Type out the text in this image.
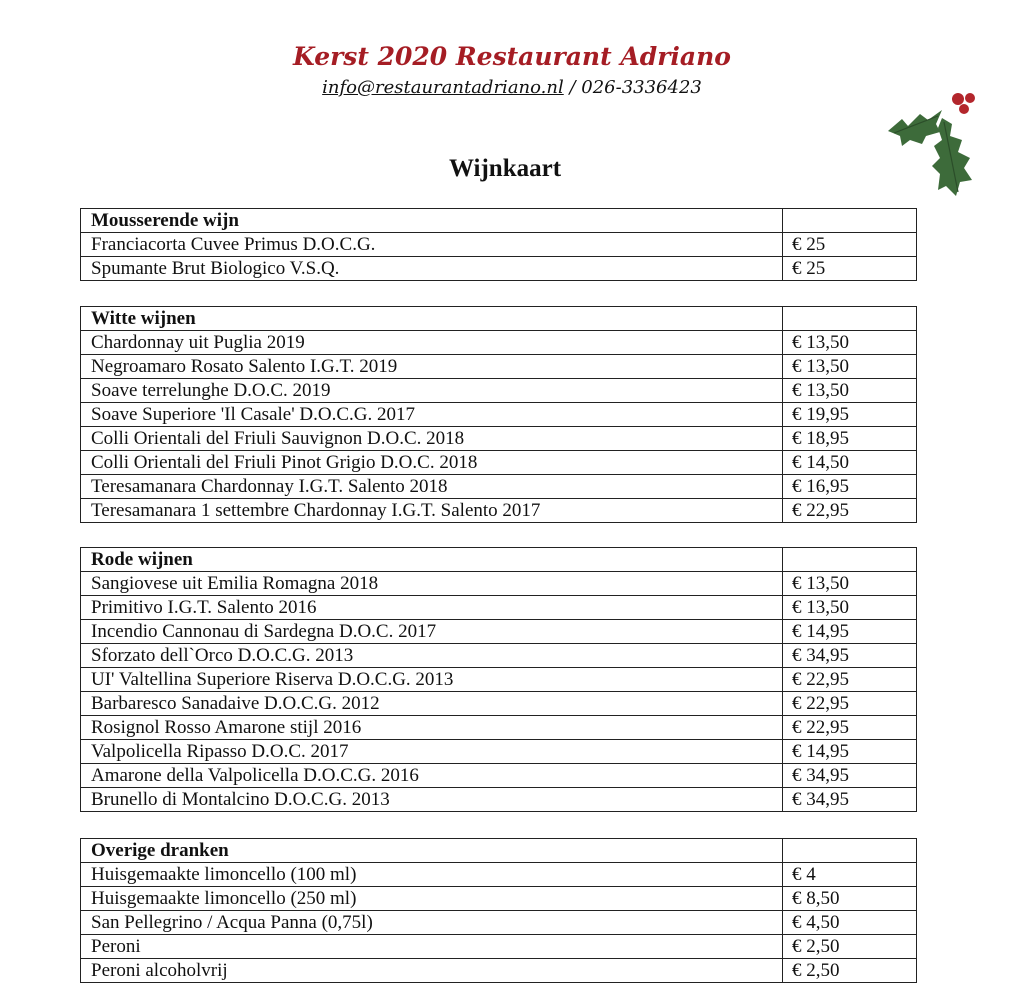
Kerst 2020 Restaurant Adriano
info@restaurantadriano.nl / 026-3336423
Wijnkaart
Mousserende wijn	
Franciacorta Cuvee Primus D.O.C.G.	€ 25
Spumante Brut Biologico V.S.Q.	€ 25
Witte wijnen	
Chardonnay uit Puglia 2019	€ 13,50
Negroamaro Rosato Salento I.G.T. 2019	€ 13,50
Soave terrelunghe D.O.C. 2019	€ 13,50
Soave Superiore 'Il Casale' D.O.C.G. 2017	€ 19,95
Colli Orientali del Friuli Sauvignon D.O.C. 2018	€ 18,95
Colli Orientali del Friuli Pinot Grigio D.O.C. 2018	€ 14,50
Teresamanara Chardonnay I.G.T. Salento 2018	€ 16,95
Teresamanara 1 settembre Chardonnay I.G.T. Salento 2017	€ 22,95
Rode wijnen	
Sangiovese uit Emilia Romagna 2018	€ 13,50
Primitivo I.G.T. Salento 2016	€ 13,50
Incendio Cannonau di Sardegna D.O.C. 2017	€ 14,95
Sforzato dell`Orco D.O.C.G. 2013	€ 34,95
UI' Valtellina Superiore Riserva D.O.C.G. 2013	€ 22,95
Barbaresco Sanadaive D.O.C.G. 2012	€ 22,95
Rosignol Rosso Amarone stijl 2016	€ 22,95
Valpolicella Ripasso D.O.C. 2017	€ 14,95
Amarone della Valpolicella D.O.C.G. 2016	€ 34,95
Brunello di Montalcino D.O.C.G. 2013	€ 34,95
Overige dranken	
Huisgemaakte limoncello (100 ml)	€ 4
Huisgemaakte limoncello (250 ml)	€ 8,50
San Pellegrino / Acqua Panna (0,75l)	€ 4,50
Peroni	€ 2,50
Peroni alcoholvrij	€ 2,50
